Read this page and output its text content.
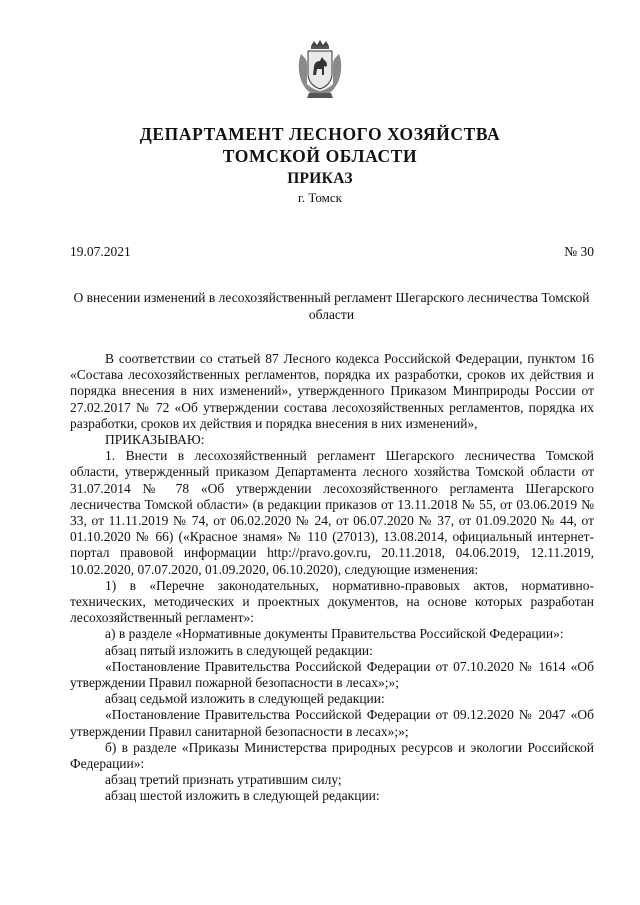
ДЕПАРТАМЕНТ ЛЕСНОГО ХОЗЯЙСТВА
ТОМСКОЙ ОБЛАСТИ
ПРИКАЗ
г. Томск
19.07.2021	№ 30
О внесении изменений в лесохозяйственный регламент Шегарского лесничества Томской области

В соответствии со статьей 87 Лесного кодекса Российской Федерации, пунктом 16 «Состава лесохозяйственных регламентов, порядка их разработки, сроков их действия и порядка внесения в них изменений», утвержденного Приказом Минприроды России от 27.02.2017 № 72 «Об утверждении состава лесохозяйственных регламентов, порядка их разработки, сроков их действия и порядка внесения в них изменений»,

ПРИКАЗЫВАЮ:

1. Внести в лесохозяйственный регламент Шегарского лесничества Томской области, утвержденный приказом Департамента лесного хозяйства Томской области от 31.07.2014 № 78 «Об утверждении лесохозяйственного регламента Шегарского лесничества Томской области» (в редакции приказов от 13.11.2018 № 55, от 03.06.2019 № 33, от 11.11.2019 № 74, от 06.02.2020 № 24, от 06.07.2020 № 37, от 01.09.2020 № 44, от 01.10.2020 № 66) («Красное знамя» № 110 (27013), 13.08.2014, официальный интернет-портал правовой информации http://pravo.gov.ru, 20.11.2018, 04.06.2019, 12.11.2019, 10.02.2020, 07.07.2020, 01.09.2020, 06.10.2020), следующие изменения:

1) в «Перечне законодательных, нормативно-правовых актов, нормативно-технических, методических и проектных документов, на основе которых разработан лесохозяйственный регламент»:

а) в разделе «Нормативные документы Правительства Российской Федерации»:

абзац пятый изложить в следующей редакции:

«Постановление Правительства Российской Федерации от 07.10.2020 № 1614 «Об утверждении Правил пожарной безопасности в лесах»;»;

абзац седьмой изложить в следующей редакции:

«Постановление Правительства Российской Федерации от 09.12.2020 № 2047 «Об утверждении Правил санитарной безопасности в лесах»;»;

б) в разделе «Приказы Министерства природных ресурсов и экологии Российской Федерации»:

абзац третий признать утратившим силу;

абзац шестой изложить в следующей редакции:
